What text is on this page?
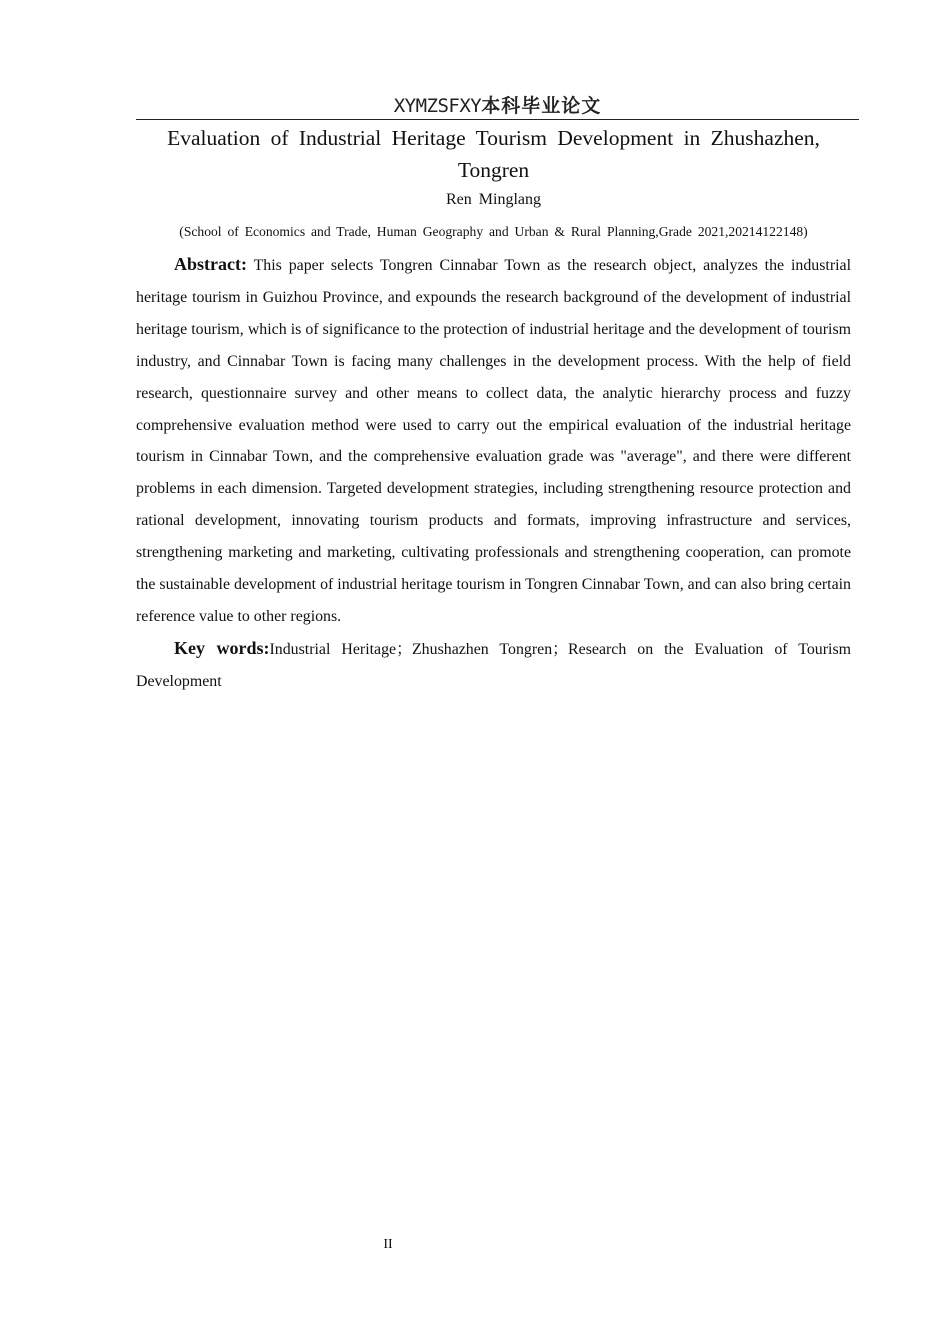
XYMZSFXY本科毕业论文
Evaluation of Industrial Heritage Tourism Development in Zhushazhen, Tongren
Ren Minglang
(School of Economics and Trade, Human Geography and Urban & Rural Planning,Grade 2021,20214122148)

Abstract: This paper selects Tongren Cinnabar Town as the research object, analyzes the industrial heritage tourism in Guizhou Province, and expounds the research background of the development of industrial heritage tourism, which is of significance to the protection of industrial heritage and the development of tourism industry, and Cinnabar Town is facing many challenges in the development process. With the help of field research, questionnaire survey and other means to collect data, the analytic hierarchy process and fuzzy comprehensive evaluation method were used to carry out the empirical evaluation of the industrial heritage tourism in Cinnabar Town, and the comprehensive evaluation grade was "average", and there were different problems in each dimension. Targeted development strategies, including strengthening resource protection and rational development, innovating tourism products and formats, improving infrastructure and services, strengthening marketing and marketing, cultivating professionals and strengthening cooperation, can promote the sustainable development of industrial heritage tourism in Tongren Cinnabar Town, and can also bring certain reference value to other regions.

Key words:Industrial Heritage；Zhushazhen Tongren；Research on the Evaluation of Tourism Development

II
